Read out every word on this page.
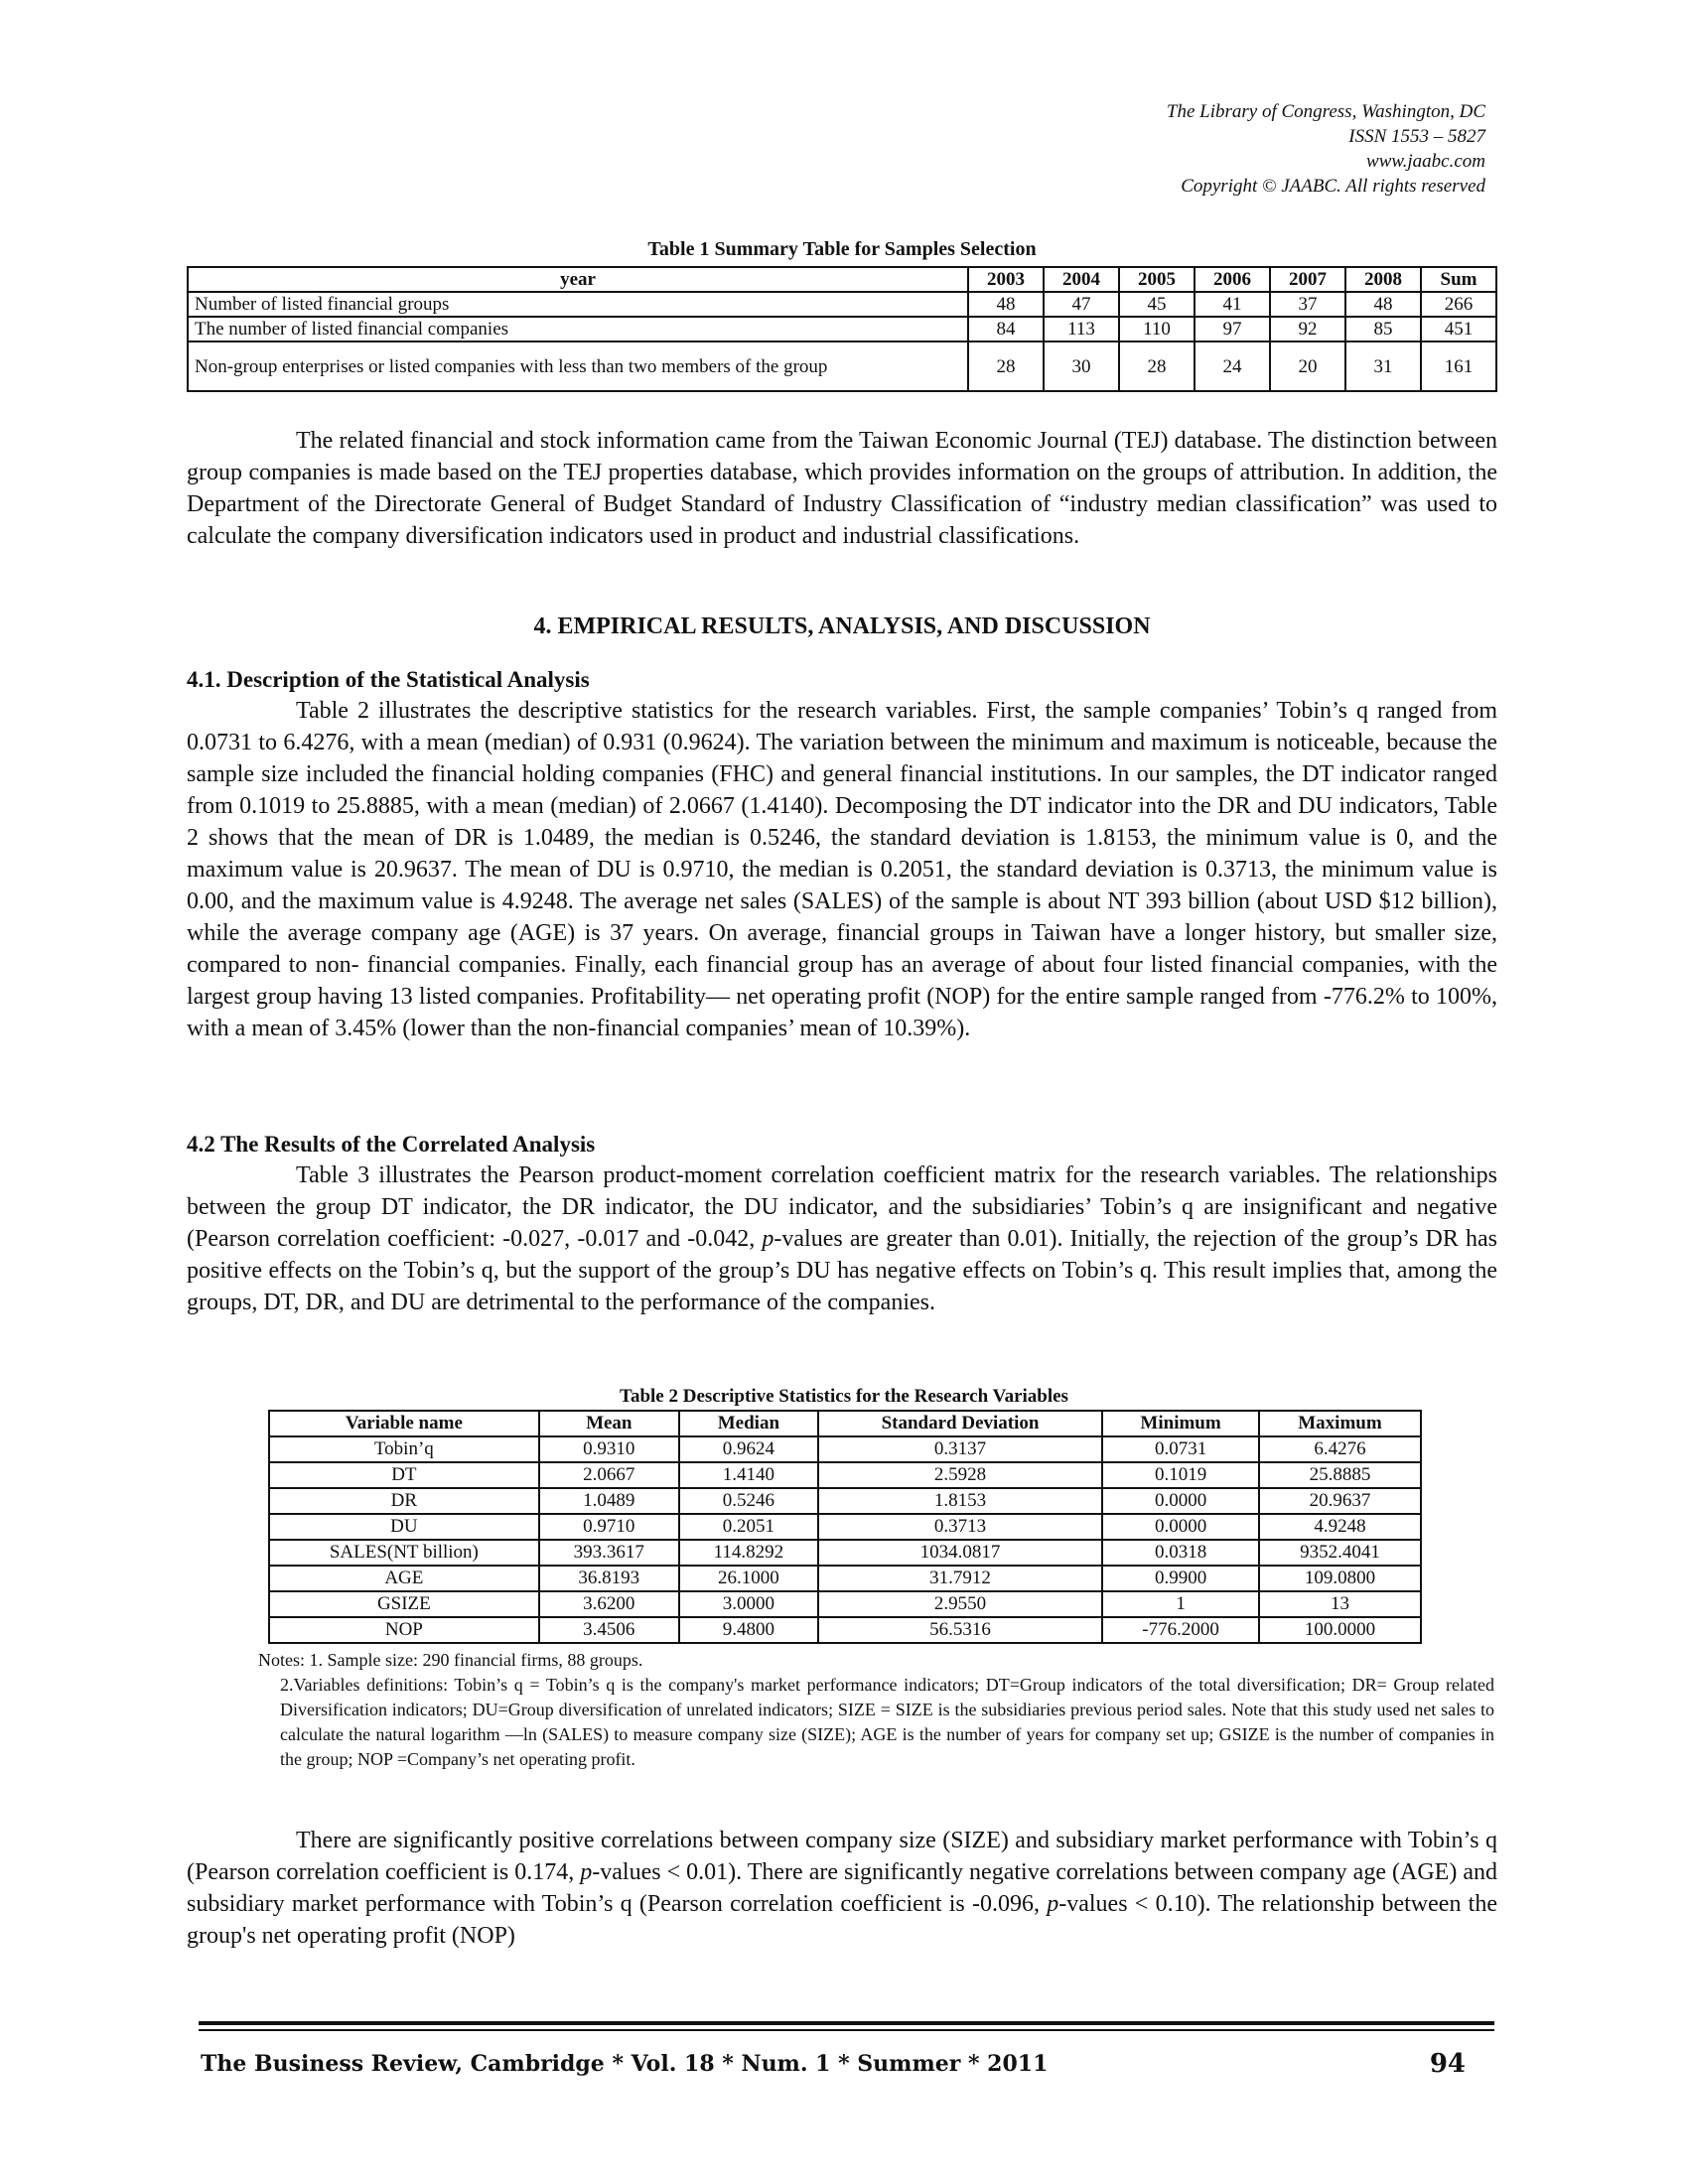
The Library of Congress, Washington, DC
ISSN 1553 – 5827
www.jaabc.com
Copyright © JAABC. All rights reserved
Table 1 Summary Table for Samples Selection
year	2003	2004	2005	2006	2007	2008	Sum
Number of listed financial groups	48	47	45	41	37	48	266
The number of listed financial companies	84	113	110	97	92	85	451
Non-group enterprises or listed companies with less than two members of the group	28	30	28	24	20	31	161

The related financial and stock information came from the Taiwan Economic Journal (TEJ) database. The distinction between group companies is made based on the TEJ properties database, which provides information on the groups of attribution. In addition, the Department of the Directorate General of Budget Standard of Industry Classification of “industry median classification” was used to calculate the company diversification indicators used in product and industrial classifications.

4. EMPIRICAL RESULTS, ANALYSIS, AND DISCUSSION
4.1. Description of the Statistical Analysis

Table 2 illustrates the descriptive statistics for the research variables. First, the sample companies’ Tobin’s q ranged from 0.0731 to 6.4276, with a mean (median) of 0.931 (0.9624). The variation between the minimum and maximum is noticeable, because the sample size included the financial holding companies (FHC) and general financial institutions. In our samples, the DT indicator ranged from 0.1019 to 25.8885, with a mean (median) of 2.0667 (1.4140). Decomposing the DT indicator into the DR and DU indicators, Table 2 shows that the mean of DR is 1.0489, the median is 0.5246, the standard deviation is 1.8153, the minimum value is 0, and the maximum value is 20.9637. The mean of DU is 0.9710, the median is 0.2051, the standard deviation is 0.3713, the minimum value is 0.00, and the maximum value is 4.9248. The average net sales (SALES) of the sample is about NT 393 billion (about USD $12 billion), while the average company age (AGE) is 37 years. On average, financial groups in Taiwan have a longer history, but smaller size, compared to non- financial companies. Finally, each financial group has an average of about four listed financial companies, with the largest group having 13 listed companies. Profitability— net operating profit (NOP) for the entire sample ranged from -776.2% to 100%, with a mean of 3.45% (lower than the non-financial companies’ mean of 10.39%).

4.2 The Results of the Correlated Analysis

Table 3 illustrates the Pearson product-moment correlation coefficient matrix for the research variables. The relationships between the group DT indicator, the DR indicator, the DU indicator, and the subsidiaries’ Tobin’s q are insignificant and negative (Pearson correlation coefficient: -0.027, -0.017 and -0.042, p-values are greater than 0.01). Initially, the rejection of the group’s DR has positive effects on the Tobin’s q, but the support of the group’s DU has negative effects on Tobin’s q. This result implies that, among the groups, DT, DR, and DU are detrimental to the performance of the companies.

Table 2 Descriptive Statistics for the Research Variables
Variable name	Mean	Median	Standard Deviation	Minimum	Maximum
Tobin’q	0.9310	0.9624	0.3137	0.0731	6.4276
DT	2.0667	1.4140	2.5928	0.1019	25.8885
DR	1.0489	0.5246	1.8153	0.0000	20.9637
DU	0.9710	0.2051	0.3713	0.0000	4.9248
SALES(NT billion)	393.3617	114.8292	1034.0817	0.0318	9352.4041
AGE	36.8193	26.1000	31.7912	0.9900	109.0800
GSIZE	3.6200	3.0000	2.9550	1	13
NOP	3.4506	9.4800	56.5316	-776.2000	100.0000

Notes: 1. Sample size: 290 financial firms, 88 groups.

2.Variables definitions: Tobin’s q = Tobin’s q is the company's market performance indicators; DT=Group indicators of the total diversification; DR= Group related Diversification indicators; DU=Group diversification of unrelated indicators; SIZE = SIZE is the subsidiaries previous period sales. Note that this study used net sales to calculate the natural logarithm —ln (SALES) to measure company size (SIZE); AGE is the number of years for company set up; GSIZE is the number of companies in the group; NOP =Company’s net operating profit.

There are significantly positive correlations between company size (SIZE) and subsidiary market performance with Tobin’s q (Pearson correlation coefficient is 0.174, p-values < 0.01). There are significantly negative correlations between company age (AGE) and subsidiary market performance with Tobin’s q (Pearson correlation coefficient is -0.096, p-values < 0.10). The relationship between the group's net operating profit (NOP)

The Business Review, Cambridge * Vol. 18 * Num. 1 * Summer * 2011	94
